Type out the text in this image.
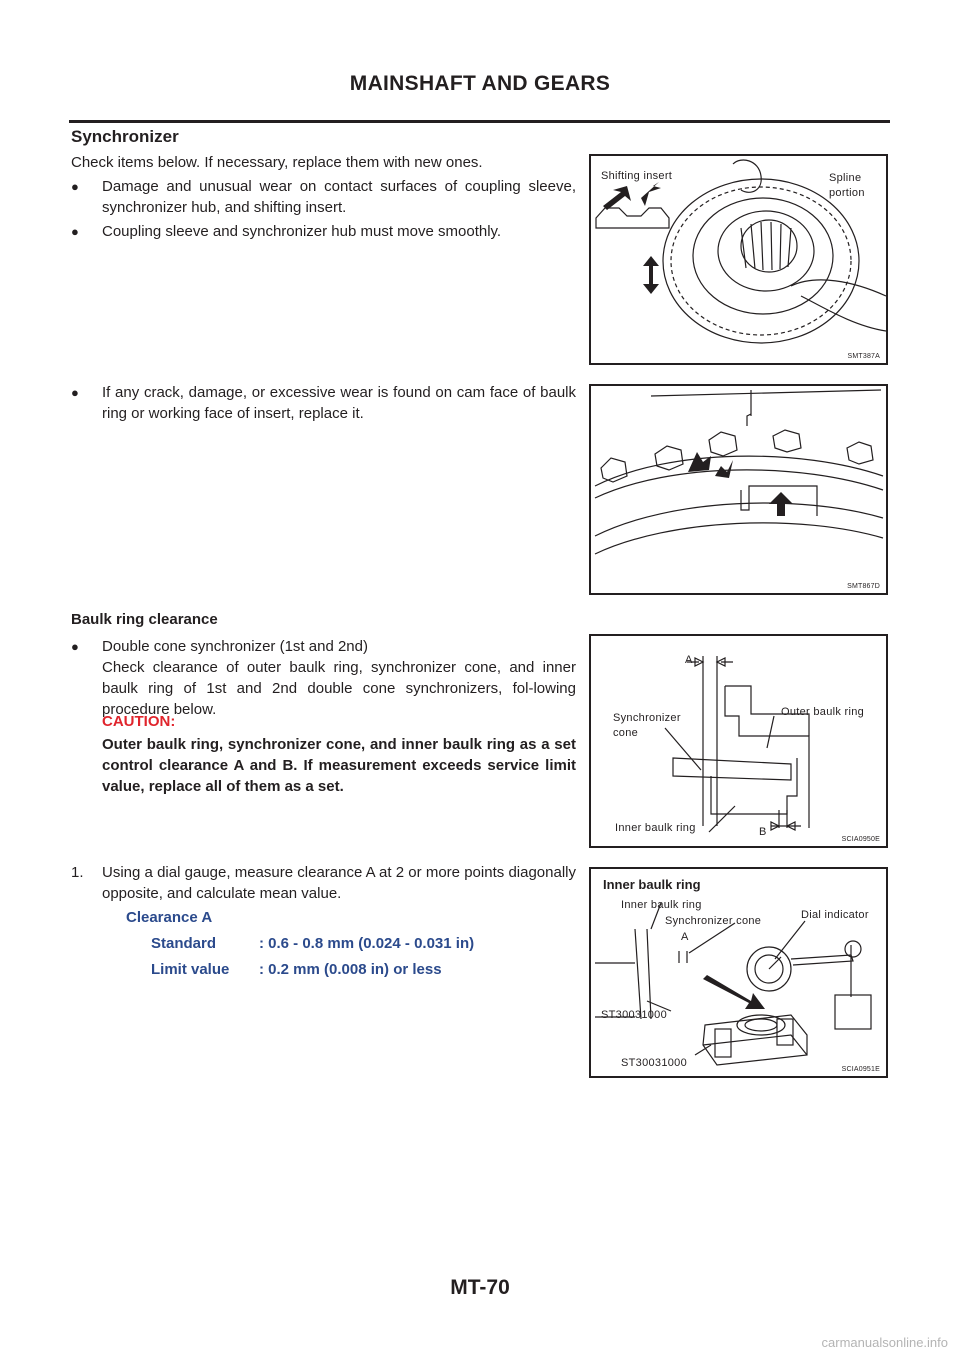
MAINSHAFT AND GEARS
Synchronizer
Check items below. If necessary, replace them with new ones.
● Damage and unusual wear on contact surfaces of coupling sleeve, synchronizer hub, and shifting insert.
● Coupling sleeve and synchronizer hub must move smoothly.
● If any crack, damage, or excessive wear is found on cam face of baulk ring or working face of insert, replace it.
Baulk ring clearance
● Double cone synchronizer (1st and 2nd)
Check clearance of outer baulk ring, synchronizer cone, and inner baulk ring of 1st and 2nd double cone synchronizers, fol-lowing procedure below.
CAUTION:
Outer baulk ring, synchronizer cone, and inner baulk ring as a set control clearance A and B. If measurement exceeds service limit value, replace all of them as a set.
1. Using a dial gauge, measure clearance A at 2 or more points diagonally opposite, and calculate mean value.
Clearance A
Standard	: 0.6 - 0.8 mm (0.024 - 0.031 in)
Limit value : 0.2 mm (0.008 in) or less
Shifting insert	Spline
portion
SMT387A
SMT867D
A
B
Synchronizer
cone
Outer baulk ring
Inner baulk ring
SCIA0950E
Inner baulk ring
Inner baulk ring
Synchronizer cone	Dial indicator
A
ST30031000
ST30031000
SCIA0951E
MT-70
carmanualsonline.info
